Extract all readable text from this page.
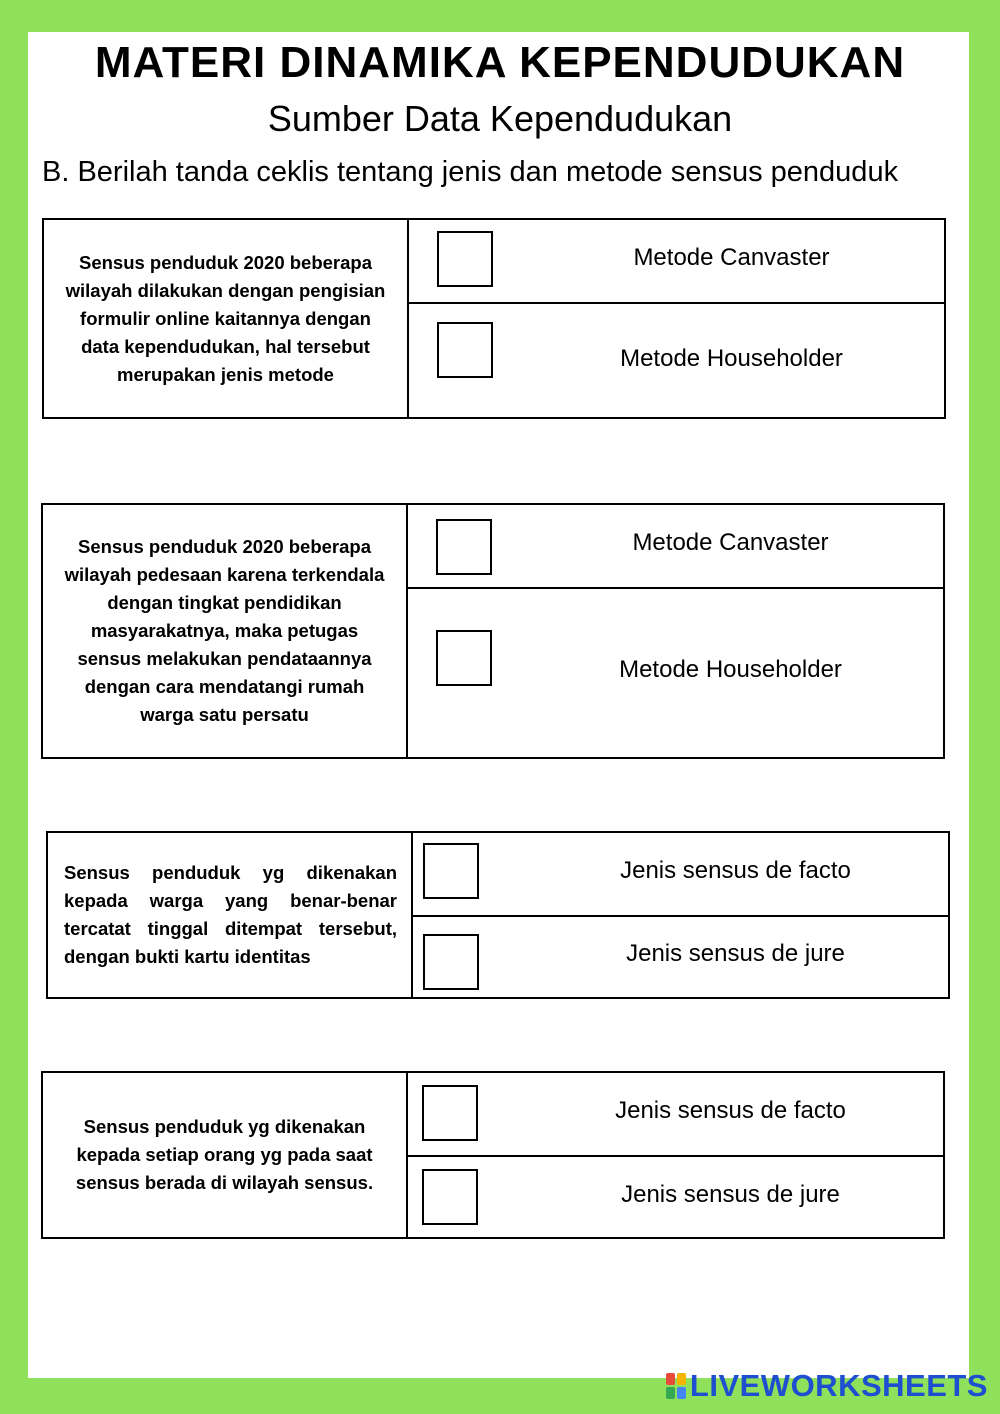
MATERI DINAMIKA KEPENDUDUKAN
Sumber Data Kependudukan

B. Berilah tanda ceklis tentang jenis dan metode sensus penduduk

Sensus penduduk 2020 beberapa wilayah dilakukan dengan pengisian formulir online kaitannya dengan data kependudukan, hal tersebut merupakan jenis metode
Metode Canvaster
Metode Householder
Sensus penduduk 2020 beberapa wilayah pedesaan karena terkendala dengan tingkat pendidikan masyarakatnya, maka petugas sensus melakukan pendataannya dengan cara mendatangi rumah warga satu persatu
Metode Canvaster
Metode Householder
Sensus penduduk yg dikenakan kepada warga yang benar-benar tercatat tinggal ditempat tersebut, dengan bukti kartu identitas
Jenis sensus de facto
Jenis sensus de jure
Sensus penduduk yg dikenakan kepada setiap orang yg pada saat sensus berada di wilayah sensus.
Jenis sensus de facto
Jenis sensus de jure
LIVEWORKSHEETS
